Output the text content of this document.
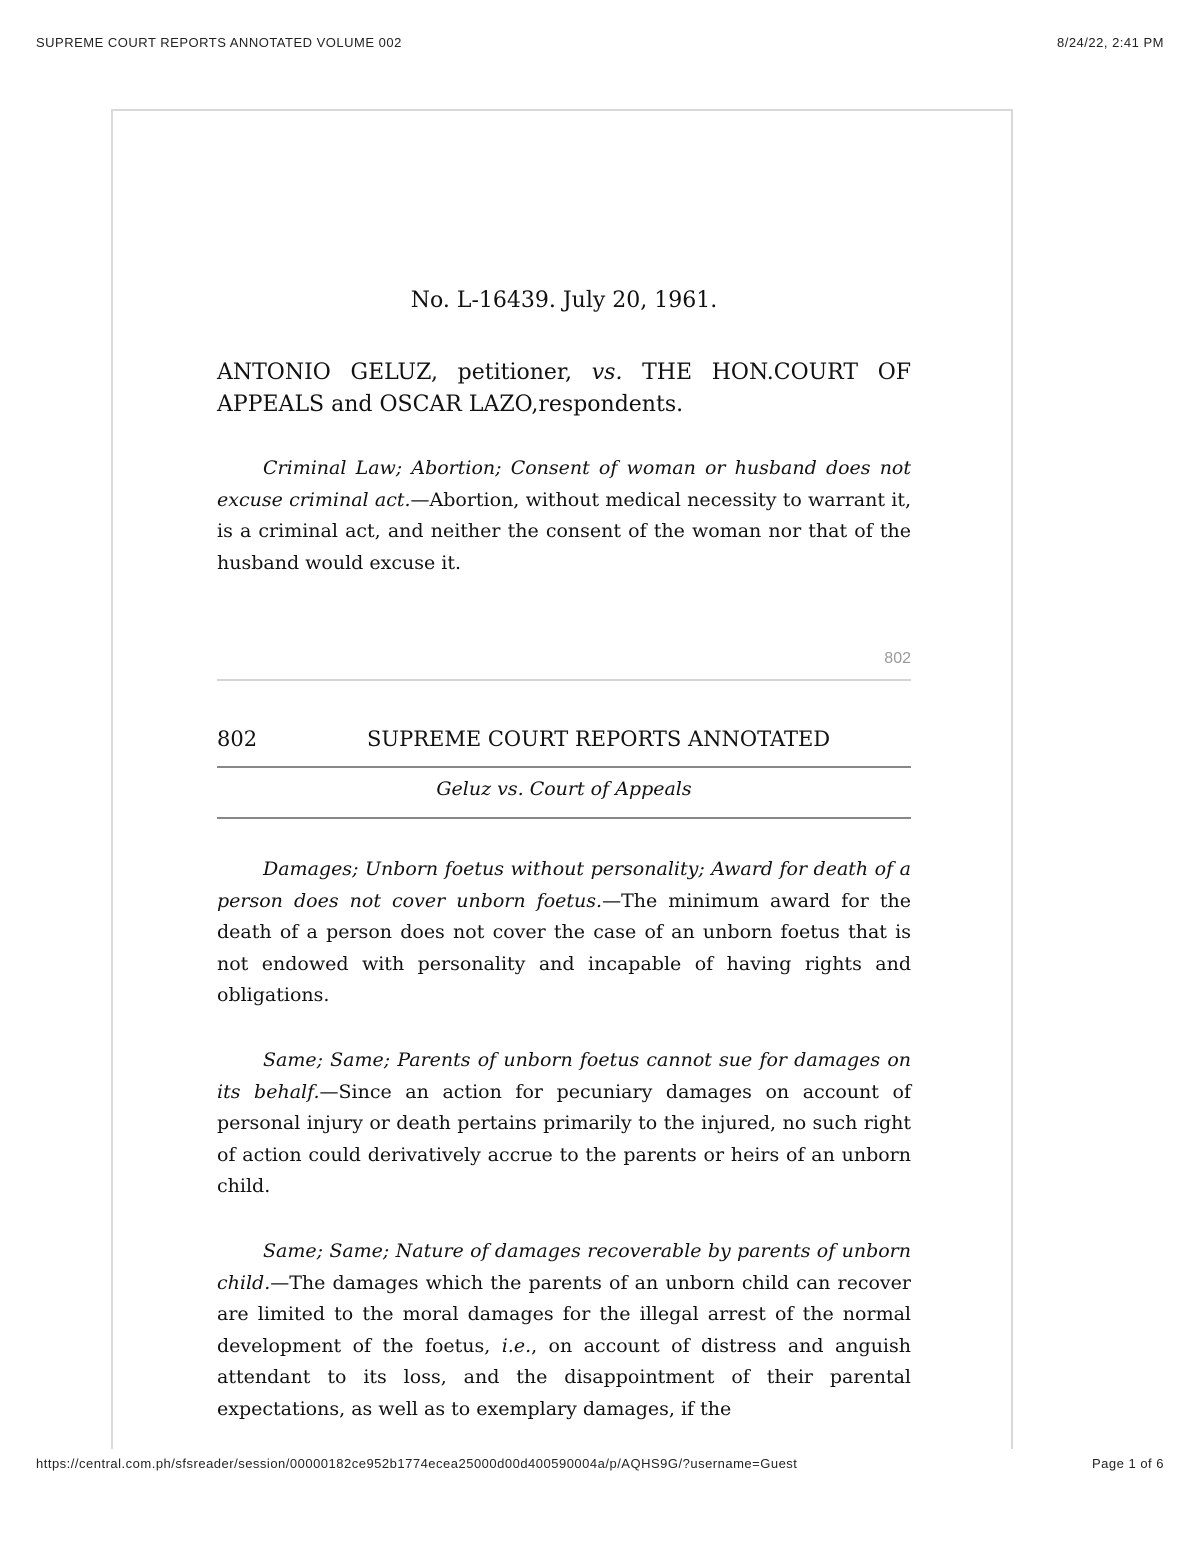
SUPREME COURT REPORTS ANNOTATED VOLUME 002	8/24/22, 2:41 PM
No. L-16439. July 20, 1961.
ANTONIO GELUZ, petitioner, vs. THE HON.COURT OF APPEALS and OSCAR LAZO,respondents.

Criminal Law; Abortion; Consent of woman or husband does not excuse criminal act.—Abortion, without medical necessity to warrant it, is a criminal act, and neither the consent of the woman nor that of the husband would excuse it.

802
802	SUPREME COURT REPORTS ANNOTATED
Geluz vs. Court of Appeals

Damages; Unborn foetus without personality; Award for death of a person does not cover unborn foetus.—The minimum award for the death of a person does not cover the case of an unborn foetus that is not endowed with personality and incapable of having rights and obligations.

Same; Same; Parents of unborn foetus cannot sue for damages on its behalf.—Since an action for pecuniary damages on account of personal injury or death pertains primarily to the injured, no such right of action could derivatively accrue to the parents or heirs of an unborn child.

Same; Same; Nature of damages recoverable by parents of unborn child.—The damages which the parents of an unborn child can recover are limited to the moral damages for the illegal arrest of the normal development of the foetus, i.e., on account of distress and anguish attendant to its loss, and the disappointment of their parental expectations, as well as to exemplary damages, if the

https://central.com.ph/sfsreader/session/00000182ce952b1774ecea25000d00d400590004a/p/AQHS9G/?username=Guest	Page 1 of 6
